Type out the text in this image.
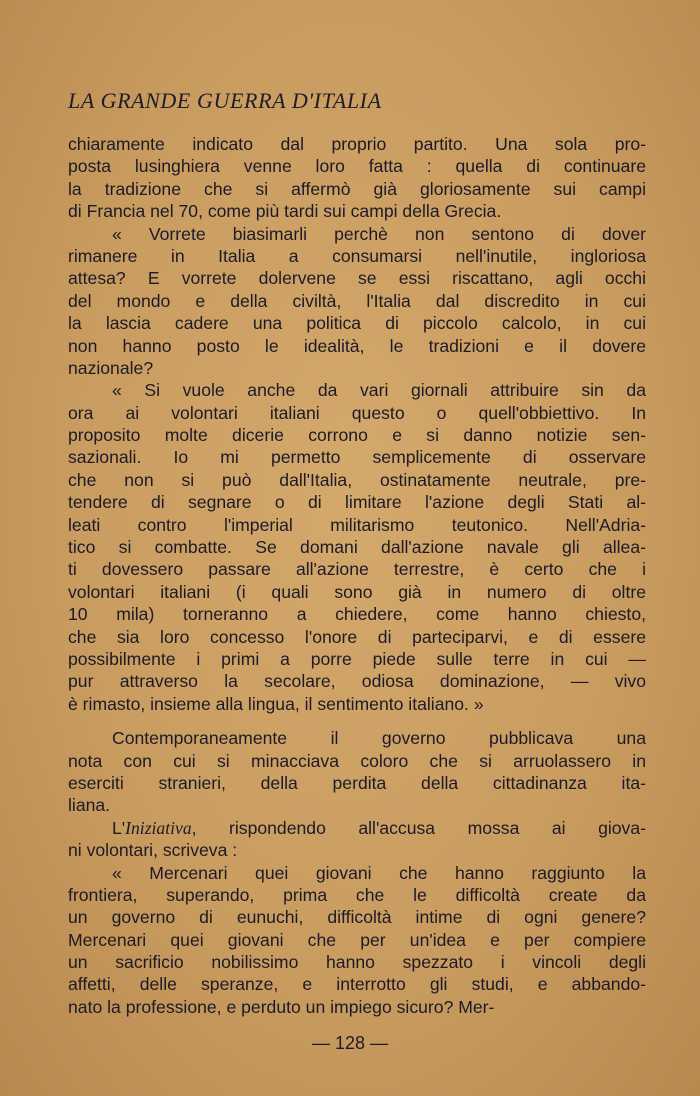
LA GRANDE GUERRA D'ITALIA
chiaramente indicato dal proprio partito. Una sola pro-
posta lusinghiera venne loro fatta : quella di continuare
la tradizione che si affermò già gloriosamente sui campi
di Francia nel 70, come più tardi sui campi della Grecia.
« Vorrete biasimarli perchè non sentono di dover
rimanere in Italia a consumarsi nell'inutile, ingloriosa
attesa? E vorrete dolervene se essi riscattano, agli occhi
del mondo e della civiltà, l'Italia dal discredito in cui
la lascia cadere una politica di piccolo calcolo, in cui
non hanno posto le idealità, le tradizioni e il dovere
nazionale?
« Si vuole anche da vari giornali attribuire sin da
ora ai volontari italiani questo o quell'obbiettivo. In
proposito molte dicerie corrono e si danno notizie sen-
sazionali. Io mi permetto semplicemente di osservare
che non si può dall'Italia, ostinatamente neutrale, pre-
tendere di segnare o di limitare l'azione degli Stati al-
leati contro l'imperial militarismo teutonico. Nell'Adria-
tico si combatte. Se domani dall'azione navale gli allea-
ti dovessero passare all'azione terrestre, è certo che i
volontari italiani (i quali sono già in numero di oltre
10 mila) torneranno a chiedere, come hanno chiesto,
che sia loro concesso l'onore di parteciparvi, e di essere
possibilmente i primi a porre piede sulle terre in cui —
pur attraverso la secolare, odiosa dominazione, — vivo
è rimasto, insieme alla lingua, il sentimento italiano. »
Contemporaneamente il governo pubblicava una
nota con cui si minacciava coloro che si arruolassero in
eserciti stranieri, della perdita della cittadinanza ita-
liana.
L'Iniziativa, rispondendo all'accusa mossa ai giova-
ni volontari, scriveva :
« Mercenari quei giovani che hanno raggiunto la
frontiera, superando, prima che le difficoltà create da
un governo di eunuchi, difficoltà intime di ogni genere?
Mercenari quei giovani che per un'idea e per compiere
un sacrificio nobilissimo hanno spezzato i vincoli degli
affetti, delle speranze, e interrotto gli studi, e abbando-
nato la professione, e perduto un impiego sicuro? Mer-
— 128 —
